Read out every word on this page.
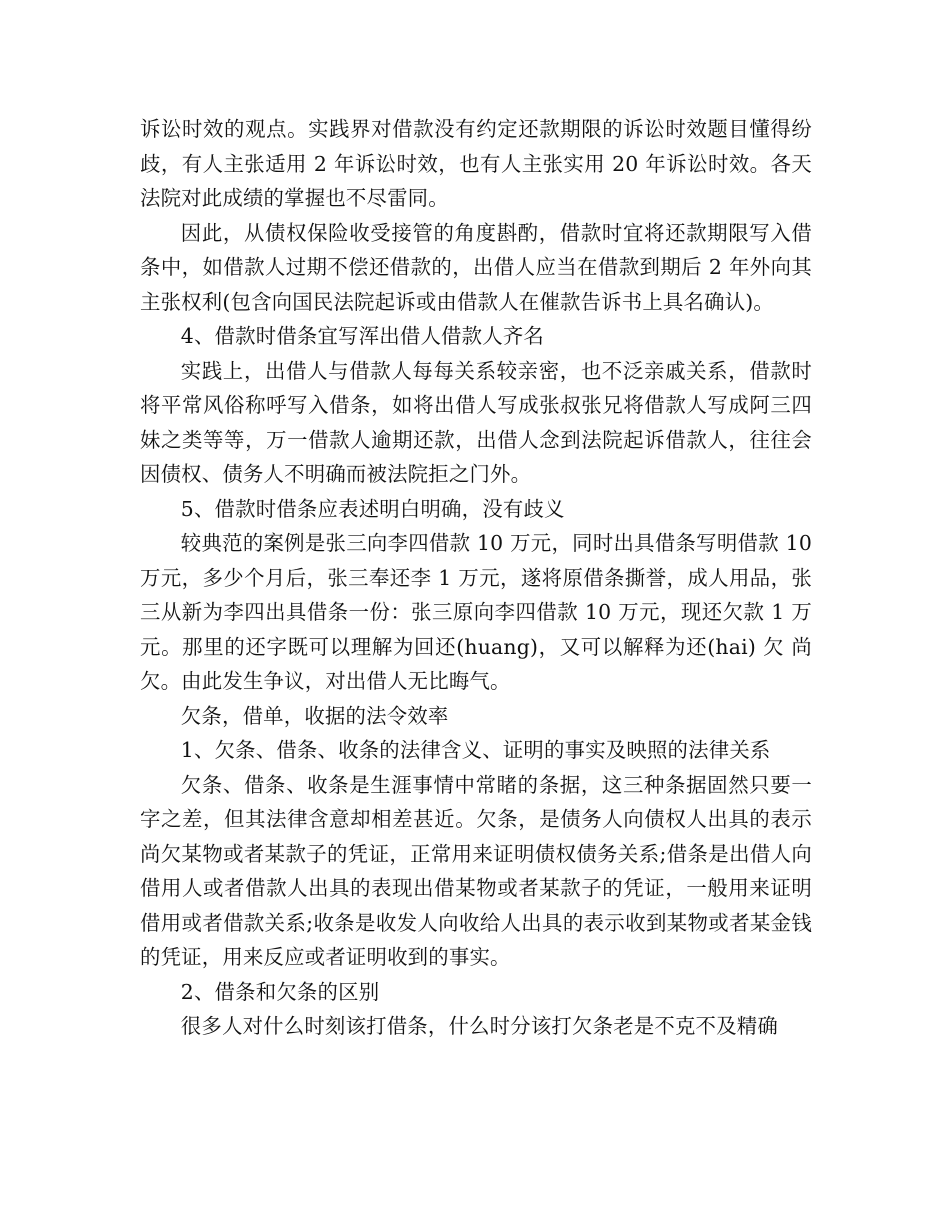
诉讼时效的观点。实践界对借款没有约定还款期限的诉讼时效题目懂得纷歧，有人主张适用 2 年诉讼时效，也有人主张实用 20 年诉讼时效。各天法院对此成绩的掌握也不尽雷同。

因此，从债权保险收受接管的角度斟酌，借款时宜将还款期限写入借条中，如借款人过期不偿还借款的，出借人应当在借款到期后 2 年外向其主张权利(包含向国民法院起诉或由借款人在催款告诉书上具名确认)。

4、借款时借条宜写浑出借人借款人齐名

实践上，出借人与借款人每每关系较亲密，也不泛亲戚关系，借款时将平常风俗称呼写入借条，如将出借人写成张叔张兄将借款人写成阿三四妹之类等等，万一借款人逾期还款，出借人念到法院起诉借款人，往往会因债权、债务人不明确而被法院拒之门外。

5、借款时借条应表述明白明确，没有歧义

较典范的案例是张三向李四借款 10 万元，同时出具借条写明借款 10 万元，多少个月后，张三奉还李 1 万元，遂将原借条撕誉，成人用品，张三从新为李四出具借条一份：张三原向李四借款 10 万元，现还欠款 1 万元。那里的还字既可以理解为回还(huang)，又可以解释为还(hai) 欠 尚欠。由此发生争议，对出借人无比晦气。

欠条，借单，收据的法令效率

1、欠条、借条、收条的法律含义、证明的事实及映照的法律关系

欠条、借条、收条是生涯事情中常睹的条据，这三种条据固然只要一字之差，但其法律含意却相差甚近。欠条，是债务人向债权人出具的表示尚欠某物或者某款子的凭证，正常用来证明债权债务关系;借条是出借人向借用人或者借款人出具的表现出借某物或者某款子的凭证，一般用来证明借用或者借款关系;收条是收发人向收给人出具的表示收到某物或者某金钱的凭证，用来反应或者证明收到的事实。

2、借条和欠条的区别

很多人对什么时刻该打借条，什么时分该打欠条老是不克不及精确
